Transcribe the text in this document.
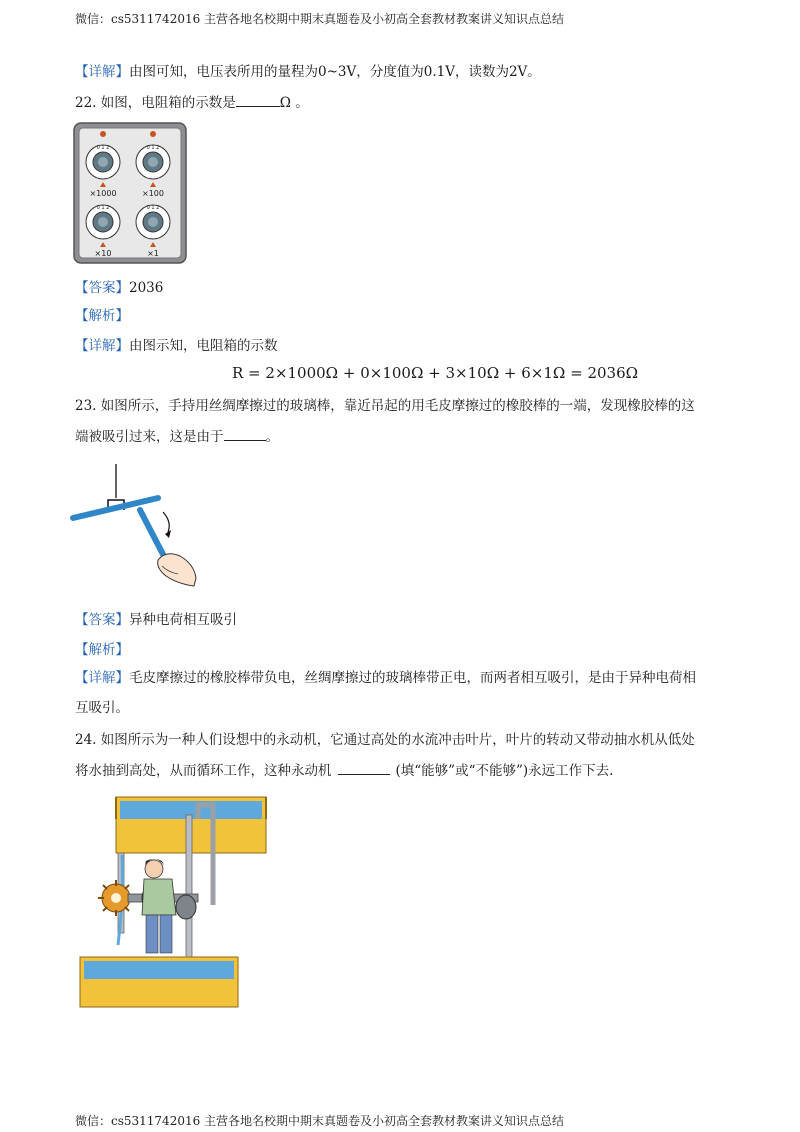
微信：cs5311742016 主营各地名校期中期末真题卷及小初高全套教材教案讲义知识点总结
【详解】由图可知，电压表所用的量程为0~3V，分度值为0.1V，读数为2V。
22. 如图，电阻箱的示数是	Ω 。
0 1 2	0 1 2
0 1 2	0 1 2
×1000	×100
×10	×1
【答案】2036
【解析】
【详解】由图示知，电阻箱的示数
R = 2×1000Ω + 0×100Ω + 3×10Ω + 6×1Ω = 2036Ω
23. 如图所示，手持用丝绸摩擦过的玻璃棒，靠近吊起的用毛皮摩擦过的橡胶棒的一端，发现橡胶棒的这
端被吸引过来，这是由于	。
【答案】异种电荷相互吸引
【解析】
【详解】毛皮摩擦过的橡胶棒带负电，丝绸摩擦过的玻璃棒带正电，而两者相互吸引，是由于异种电荷相
互吸引。
24. 如图所示为一种人们设想中的永动机，它通过高处的水流冲击叶片，叶片的转动又带动抽水机从低处
将水抽到高处，从而循环工作，这种永动机	(填“能够”或“不能够”)永远工作下去.
微信：cs5311742016 主营各地名校期中期末真题卷及小初高全套教材教案讲义知识点总结
